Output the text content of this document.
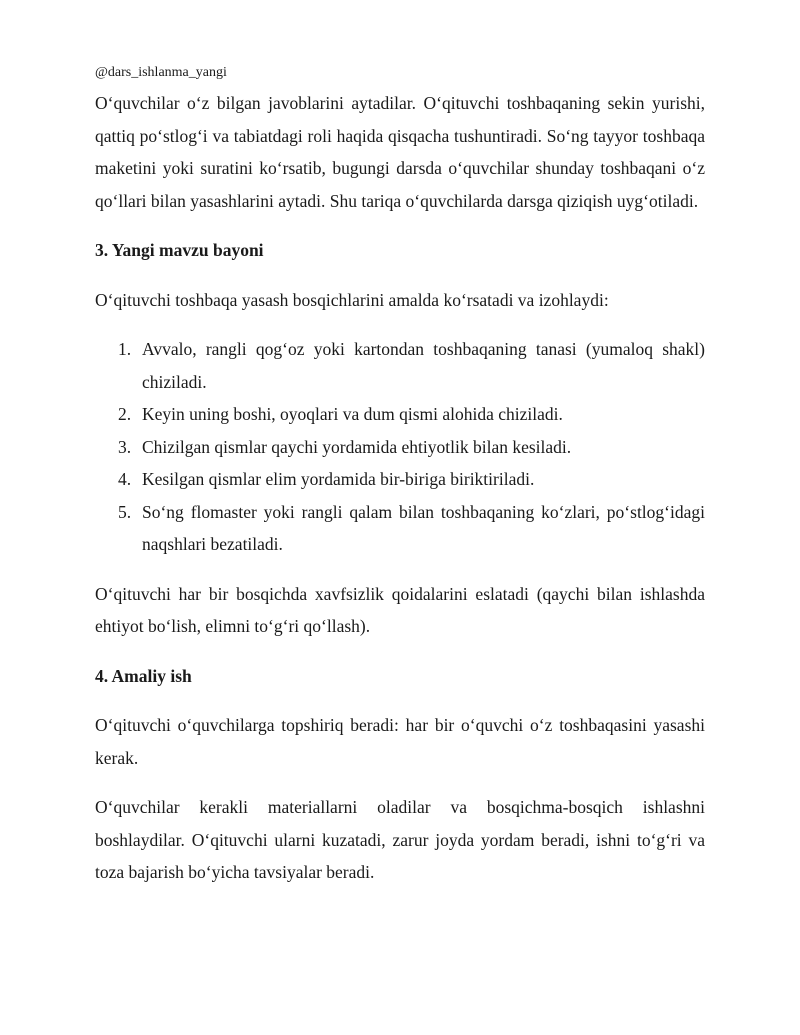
@dars_ishlanma_yangi

O‘quvchilar o‘z bilgan javoblarini aytadilar. O‘qituvchi toshbaqaning sekin yurishi, qattiq po‘stlog‘i va tabiatdagi roli haqida qisqacha tushuntiradi. So‘ng tayyor toshbaqa maketini yoki suratini ko‘rsatib, bugungi darsda o‘quvchilar shunday toshbaqani o‘z qo‘llari bilan yasashlarini aytadi. Shu tariqa o‘quvchilarda darsga qiziqish uyg‘otiladi.

3. Yangi mavzu bayoni

O‘qituvchi toshbaqa yasash bosqichlarini amalda ko‘rsatadi va izohlaydi:

1. Avvalo, rangli qog‘oz yoki kartondan toshbaqaning tanasi (yumaloq shakl) chiziladi.
2. Keyin uning boshi, oyoqlari va dum qismi alohida chiziladi.
3. Chizilgan qismlar qaychi yordamida ehtiyotlik bilan kesiladi.
4. Kesilgan qismlar elim yordamida bir-biriga biriktiriladi.
5. So‘ng flomaster yoki rangli qalam bilan toshbaqaning ko‘zlari, po‘stlog‘idagi naqshlari bezatiladi.

O‘qituvchi har bir bosqichda xavfsizlik qoidalarini eslatadi (qaychi bilan ishlashda ehtiyot bo‘lish, elimni to‘g‘ri qo‘llash).

4. Amaliy ish

O‘qituvchi o‘quvchilarga topshiriq beradi: har bir o‘quvchi o‘z toshbaqasini yasashi kerak.

O‘quvchilar kerakli materiallarni oladilar va bosqichma-bosqich ishlashni boshlaydilar. O‘qituvchi ularni kuzatadi, zarur joyda yordam beradi, ishni to‘g‘ri va toza bajarish bo‘yicha tavsiyalar beradi.
